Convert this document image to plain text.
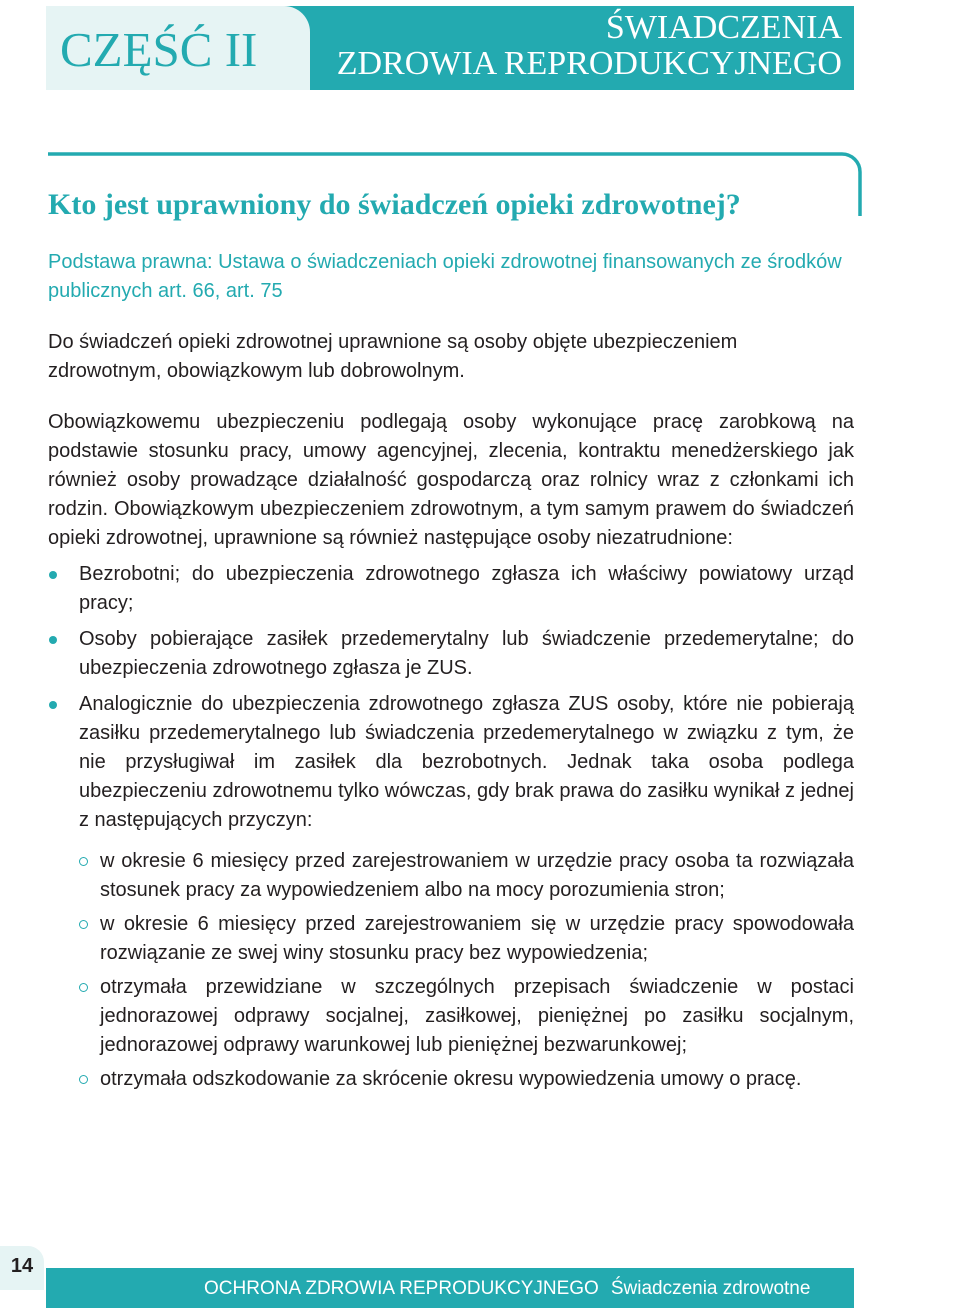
CZĘŚĆ II	ŚWIADCZENIA
ZDROWIA REPRODUKCYJNEGO
Kto jest uprawniony do świadczeń opieki zdrowotnej?

Podstawa prawna: Ustawa o świadczeniach opieki zdrowotnej finansowanych ze środków publicznych art. 66, art. 75

Do świadczeń opieki zdrowotnej uprawnione są osoby objęte ubezpieczeniem zdrowotnym, obowiązkowym lub dobrowolnym.

Obowiązkowemu ubezpieczeniu podlegają osoby wykonujące pracę zarobkową na podstawie stosunku pracy, umowy agencyjnej, zlecenia, kontraktu menedżerskiego jak również osoby prowadzące działalność gospodarczą oraz rolnicy wraz z członkami ich rodzin. Obowiązkowym ubezpieczeniem zdrowotnym, a tym samym prawem do świadczeń opieki zdrowotnej, uprawnione są również następujące osoby niezatrudnione:

Bezrobotni; do ubezpieczenia zdrowotnego zgłasza ich właściwy powiatowy urząd pracy;
Osoby pobierające zasiłek przedemerytalny lub świadczenie przedemerytalne; do ubezpieczenia zdrowotnego zgłasza je ZUS.
Analogicznie do ubezpieczenia zdrowotnego zgłasza ZUS osoby, które nie pobierają zasiłku przedemerytalnego lub świadczenia przedemerytalnego w związku z tym, że nie przysługiwał im zasiłek dla bezrobotnych. Jednak taka osoba podlega ubezpieczeniu zdrowotnemu tylko wówczas, gdy brak prawa do zasiłku wynikał z jednej z następujących przyczyn:
w okresie 6 miesięcy przed zarejestrowaniem w urzędzie pracy osoba ta rozwiązała stosunek pracy za wypowiedzeniem albo na mocy porozumienia stron;
w okresie 6 miesięcy przed zarejestrowaniem się w urzędzie pracy spowodowała rozwiązanie ze swej winy stosunku pracy bez wypowiedzenia;
otrzymała przewidziane w szczególnych przepisach świadczenie w postaci jednorazowej odprawy socjalnej, zasiłkowej, pieniężnej po zasiłku socjalnym, jednorazowej odprawy warunkowej lub pieniężnej bezwarunkowej;
otrzymała odszkodowanie za skrócenie okresu wypowiedzenia umowy o pracę.
14
OCHRONA ZDROWIA REPRODUKCYJNEGO Świadczenia zdrowotne
